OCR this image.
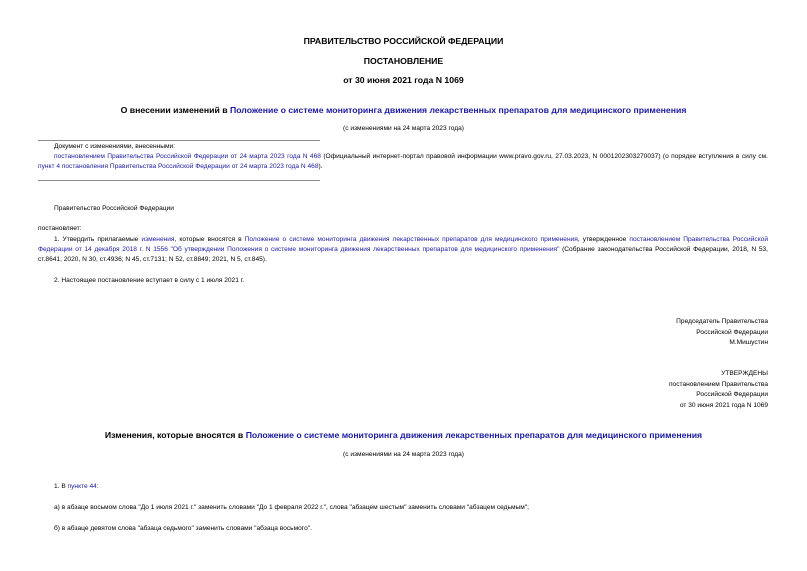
ПРАВИТЕЛЬСТВО РОССИЙСКОЙ ФЕДЕРАЦИИ
ПОСТАНОВЛЕНИЕ
от 30 июня 2021 года N 1069
О внесении изменений в Положение о системе мониторинга движения лекарственных препаратов для медицинского применения
(с изменениями на 24 марта 2023 года)
Документ с изменениями, внесенными:
постановлением Правительства Российской Федерации от 24 марта 2023 года N 468 (Официальный интернет-портал правовой информации www.pravo.gov.ru, 27.03.2023, N 0001202303270037) (о порядке вступления в силу см. пункт 4 постановления Правительства Российской Федерации от 24 марта 2023 года N 468).
Правительство Российской Федерации
постановляет:
1. Утвердить прилагаемые изменения, которые вносятся в Положение о системе мониторинга движения лекарственных препаратов для медицинского применения, утвержденное постановлением Правительства Российской Федерации от 14 декабря 2018 г. N 1556 "Об утверждении Положения о системе мониторинга движения лекарственных препаратов для медицинского применения" (Собрание законодательства Российской Федерации, 2018, N 53, ст.8641; 2020, N 30, ст.4936; N 45, ст.7131; N 52, ст.8849; 2021, N 5, ст.845).
2. Настоящее постановление вступает в силу с 1 июля 2021 г.
Председатель Правительства
Российской Федерации
М.Мишустин
УТВЕРЖДЕНЫ
постановлением Правительства
Российской Федерации
от 30 июня 2021 года N 1069
Изменения, которые вносятся в Положение о системе мониторинга движения лекарственных препаратов для медицинского применения
(с изменениями на 24 марта 2023 года)
1. В пункте 44:
а) в абзаце восьмом слова "До 1 июля 2021 г." заменить словами "До 1 февраля 2022 г.", слова "абзацем шестым" заменить словами "абзацем седьмым";
б) в абзаце девятом слова "абзаца седьмого" заменить словами "абзаца восьмого".
